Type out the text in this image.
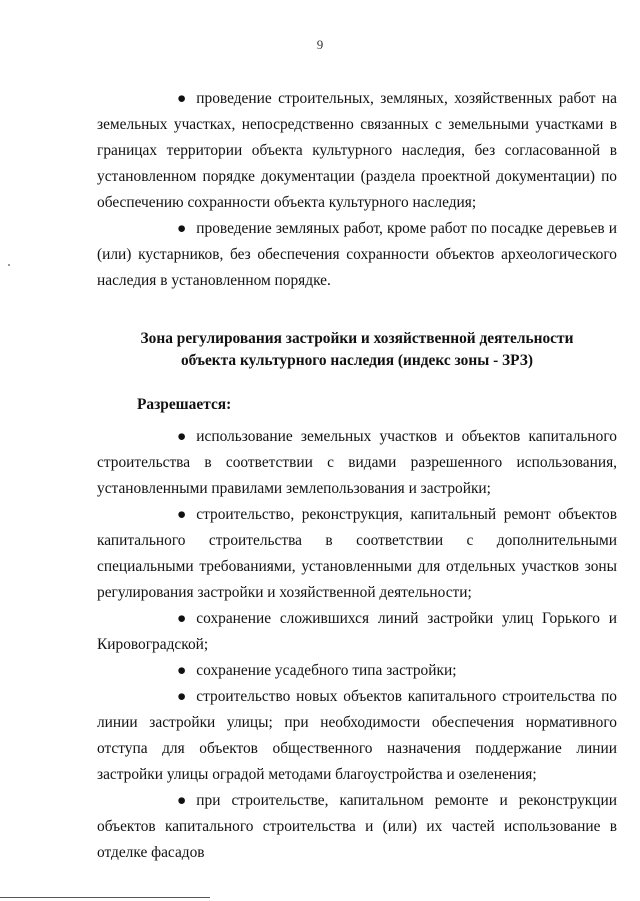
9

● проведение строительных, земляных, хозяйственных работ на земельных участках, непосредственно связанных с земельными участками в границах территории объекта культурного наследия, без согласованной в установленном порядке документации (раздела проектной документации) по обеспечению сохранности объекта культурного наследия;

● проведение земляных работ, кроме работ по посадке деревьев и (или) кустарников, без обеспечения сохранности объектов археологического наследия в установленном порядке.

Зона регулирования застройки и хозяйственной деятельности
объекта культурного наследия (индекс зоны - ЗРЗ)

Разрешается:

● использование земельных участков и объектов капитального строительства в соответствии с видами разрешенного использования, установленными правилами землепользования и застройки;

● строительство, реконструкция, капитальный ремонт объектов капитального строительства в соответствии с дополнительными специальными требованиями, установленными для отдельных участков зоны регулирования застройки и хозяйственной деятельности;

● сохранение сложившихся линий застройки улиц Горького и Кировоградской;

● сохранение усадебного типа застройки;

● строительство новых объектов капитального строительства по линии застройки улицы; при необходимости обеспечения нормативного отступа для объектов общественного назначения поддержание линии застройки улицы оградой методами благоустройства и озеленения;

● при строительстве, капитальном ремонте и реконструкции объектов капитального строительства и (или) их частей использование в отделке фасадов
